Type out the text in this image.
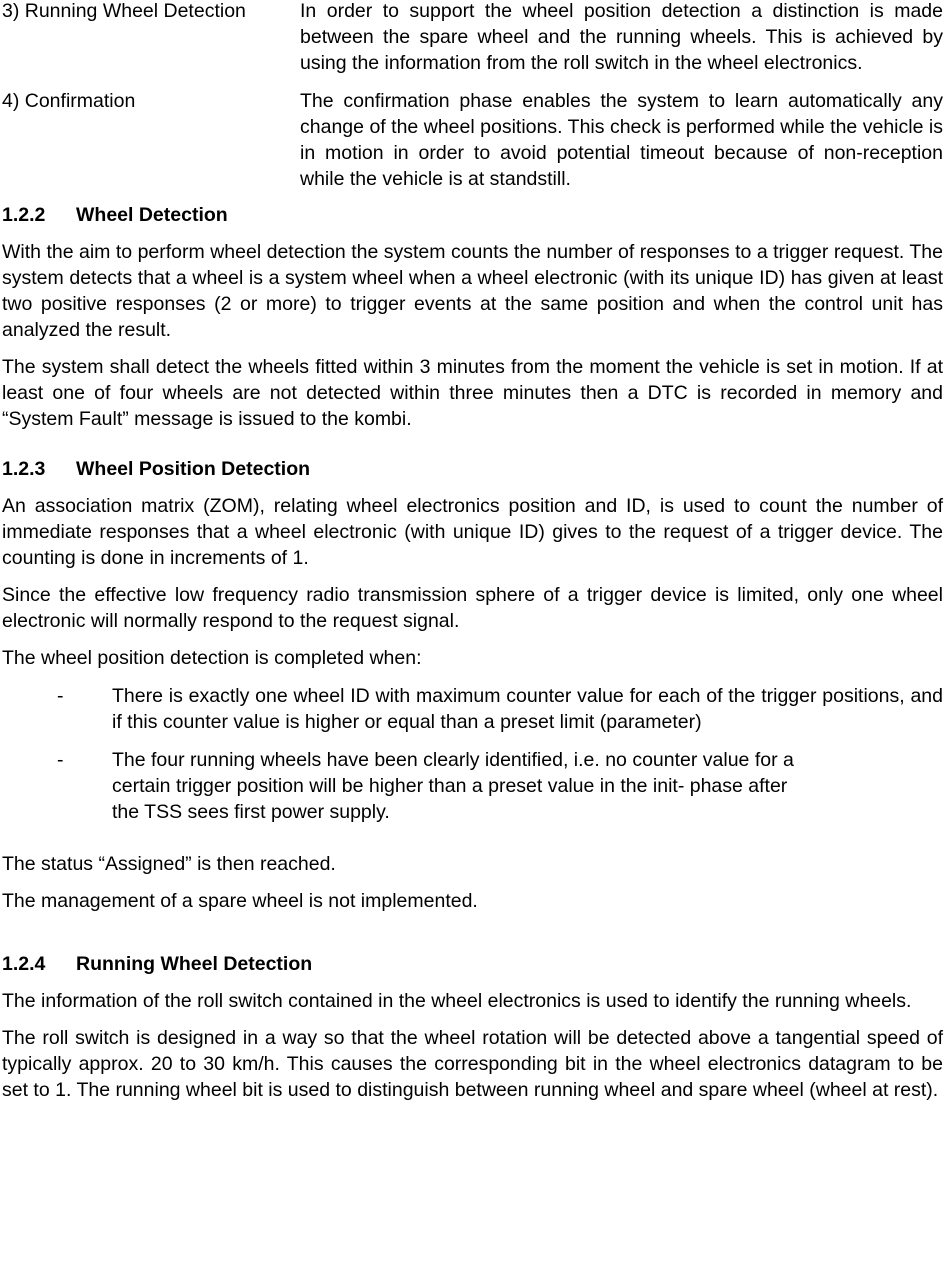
3) Running Wheel Detection	In order to support the wheel position detection a distinction is made between the spare wheel and the running wheels. This is achieved by using the information from the roll switch in the wheel electronics.
4) Confirmation	The confirmation phase enables the system to learn automatically any change of the wheel positions. This check is performed while the vehicle is in motion in order to avoid potential timeout because of non-reception while the vehicle is at standstill.
1.2.2	Wheel Detection

With the aim to perform wheel detection the system counts the number of responses to a trigger request. The system detects that a wheel is a system wheel when a wheel electronic (with its unique ID) has given at least two positive responses (2 or more) to trigger events at the same position and when the control unit has analyzed the result.

The system shall detect the wheels fitted within 3 minutes from the moment the vehicle is set in motion. If at least one of four wheels are not detected within three minutes then a DTC is recorded in memory and “System Fault” message is issued to the kombi.

1.2.3	Wheel Position Detection

An association matrix (ZOM), relating wheel electronics position and ID, is used to count the number of immediate responses that a wheel electronic (with unique ID) gives to the request of a trigger device. The counting is done in increments of 1.

Since the effective low frequency radio transmission sphere of a trigger device is limited, only one wheel electronic will normally respond to the request signal.

The wheel position detection is completed when:

-	There is exactly one wheel ID with maximum counter value for each of the trigger positions, and if this counter value is higher or equal than a preset limit (parameter)
-	The four running wheels have been clearly identified, i.e. no counter value for a
certain trigger position will be higher than a preset value in the init- phase after
the TSS sees first power supply.

The status “Assigned” is then reached.

The management of a spare wheel is not implemented.

1.2.4	Running Wheel Detection

The information of the roll switch contained in the wheel electronics is used to identify the running wheels.

The roll switch is designed in a way so that the wheel rotation will be detected above a tangential speed of typically approx. 20 to 30 km/h. This causes the corresponding bit in the wheel electronics datagram to be set to 1. The running wheel bit is used to distinguish between running wheel and spare wheel (wheel at rest).
